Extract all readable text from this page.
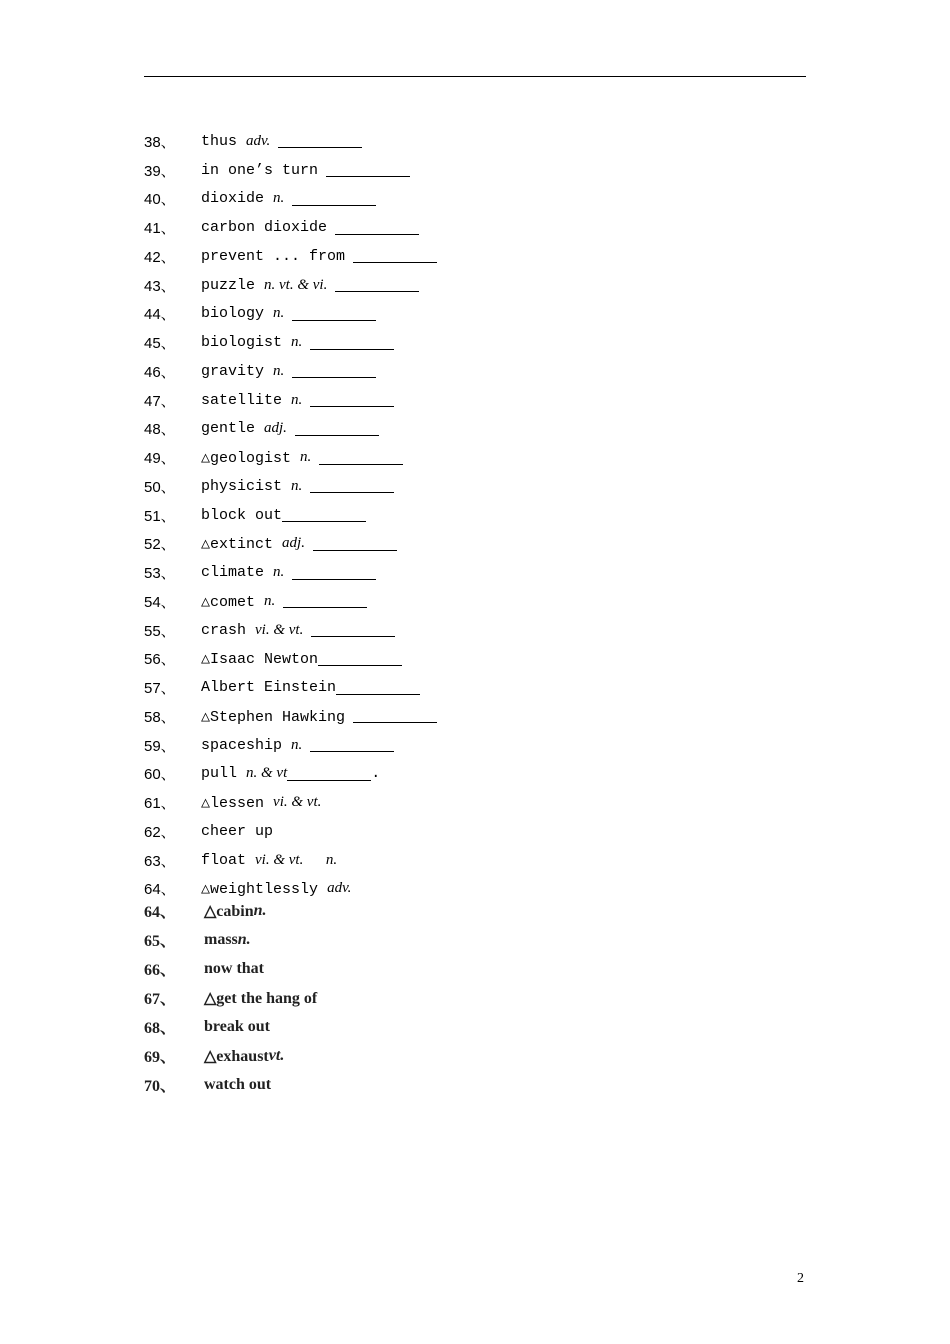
38、	thus adv.
39、	in one’s turn
40、	dioxide n.
41、	carbon dioxide
42、	prevent ... from
43、	puzzle n. vt. & vi.
44、	biology n.
45、	biologist n.
46、	gravity n.
47、	satellite n.
48、	gentle adj.
49、	△geologist n.
50、	physicist n.
51、	block out
52、	△extinct adj.
53、	climate n.
54、	△comet n.
55、	crash vi. & vt.
56、	△Isaac Newton
57、	Albert Einstein
58、	△Stephen Hawking
59、	spaceship n.
60、	pull n. & vt	.
61、	△lessen vi. & vt.
62、	cheer up
63、	float vi. & vt.      n.
64、	△weightlessly adv.
64、	△cabin n.
65、	mass n.
66、	now that
67、	△get the hang of
68、	break out
69、	△exhaust vt.
70、	watch out
2
